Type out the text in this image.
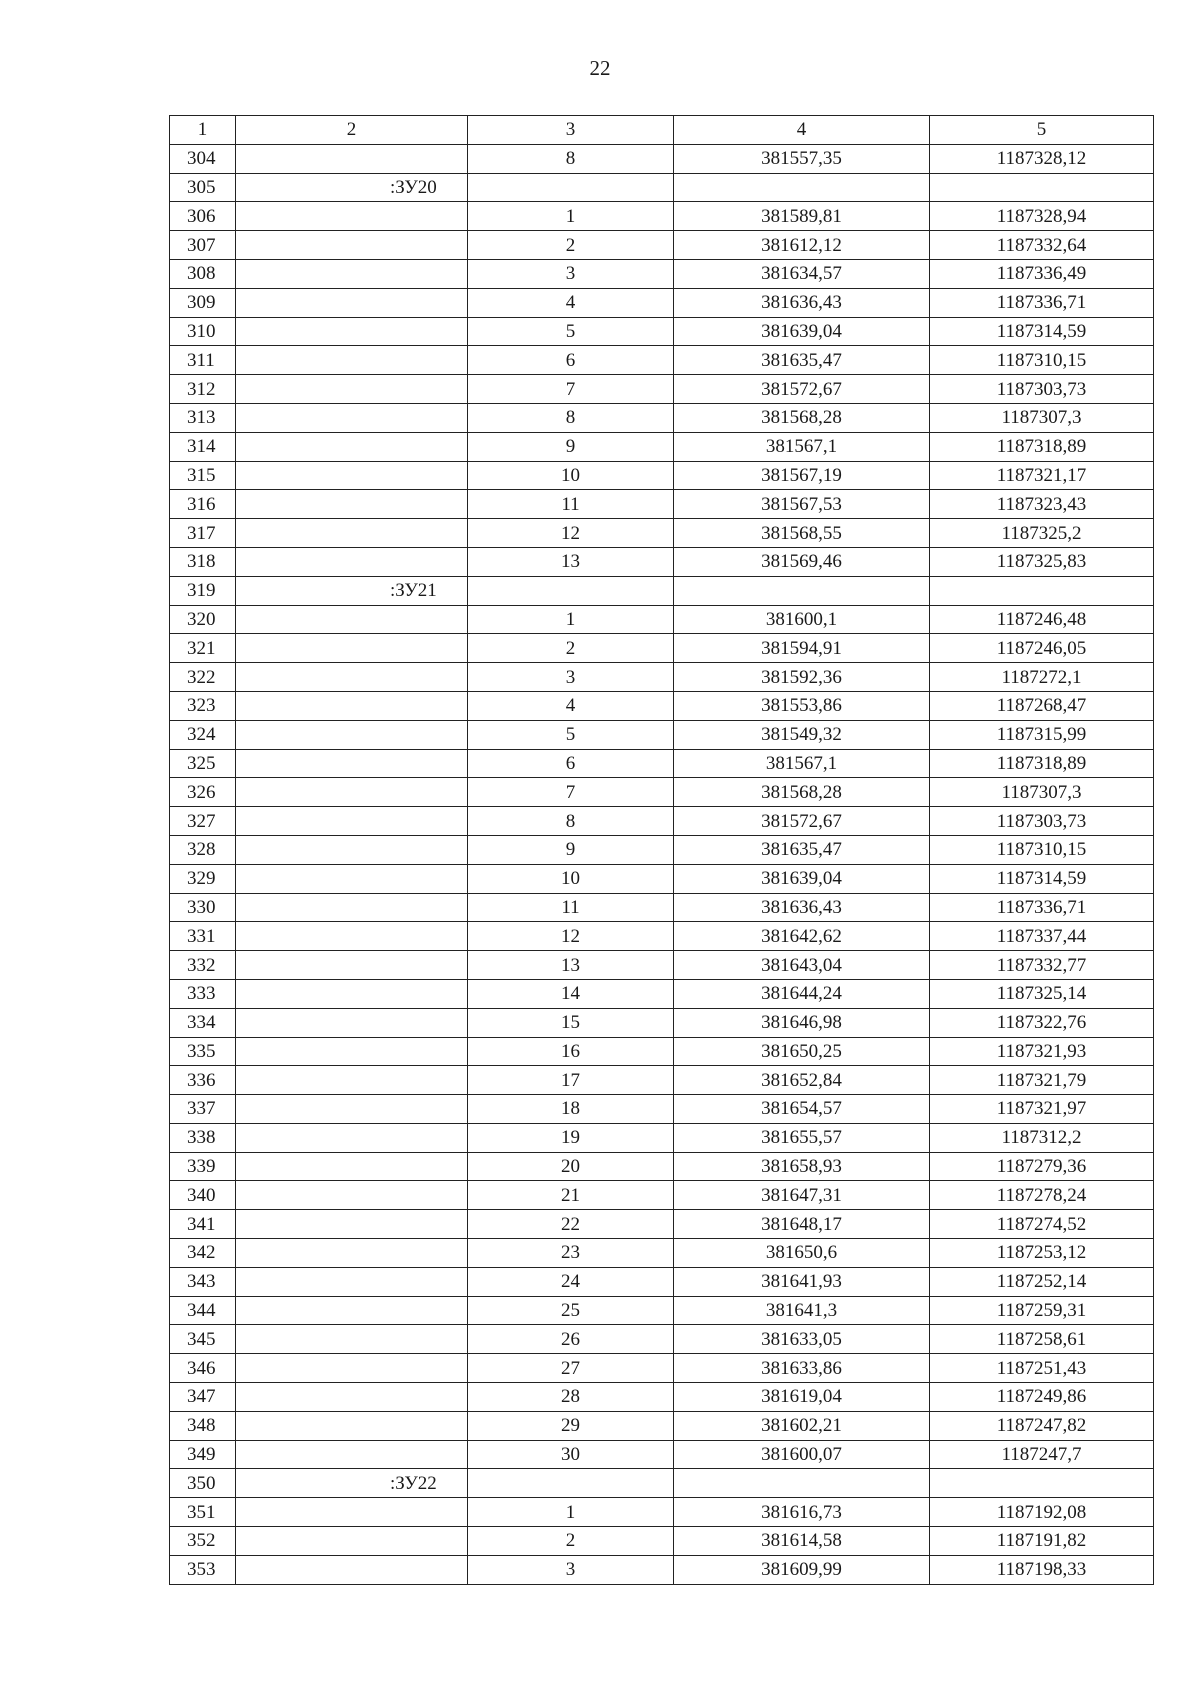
22
1	2	3	4	5
304		8	381557,35	1187328,12
305	:ЗУ20			
306		1	381589,81	1187328,94
307		2	381612,12	1187332,64
308		3	381634,57	1187336,49
309		4	381636,43	1187336,71
310		5	381639,04	1187314,59
311		6	381635,47	1187310,15
312		7	381572,67	1187303,73
313		8	381568,28	1187307,3
314		9	381567,1	1187318,89
315		10	381567,19	1187321,17
316		11	381567,53	1187323,43
317		12	381568,55	1187325,2
318		13	381569,46	1187325,83
319	:ЗУ21			
320		1	381600,1	1187246,48
321		2	381594,91	1187246,05
322		3	381592,36	1187272,1
323		4	381553,86	1187268,47
324		5	381549,32	1187315,99
325		6	381567,1	1187318,89
326		7	381568,28	1187307,3
327		8	381572,67	1187303,73
328		9	381635,47	1187310,15
329		10	381639,04	1187314,59
330		11	381636,43	1187336,71
331		12	381642,62	1187337,44
332		13	381643,04	1187332,77
333		14	381644,24	1187325,14
334		15	381646,98	1187322,76
335		16	381650,25	1187321,93
336		17	381652,84	1187321,79
337		18	381654,57	1187321,97
338		19	381655,57	1187312,2
339		20	381658,93	1187279,36
340		21	381647,31	1187278,24
341		22	381648,17	1187274,52
342		23	381650,6	1187253,12
343		24	381641,93	1187252,14
344		25	381641,3	1187259,31
345		26	381633,05	1187258,61
346		27	381633,86	1187251,43
347		28	381619,04	1187249,86
348		29	381602,21	1187247,82
349		30	381600,07	1187247,7
350	:ЗУ22			
351		1	381616,73	1187192,08
352		2	381614,58	1187191,82
353		3	381609,99	1187198,33
